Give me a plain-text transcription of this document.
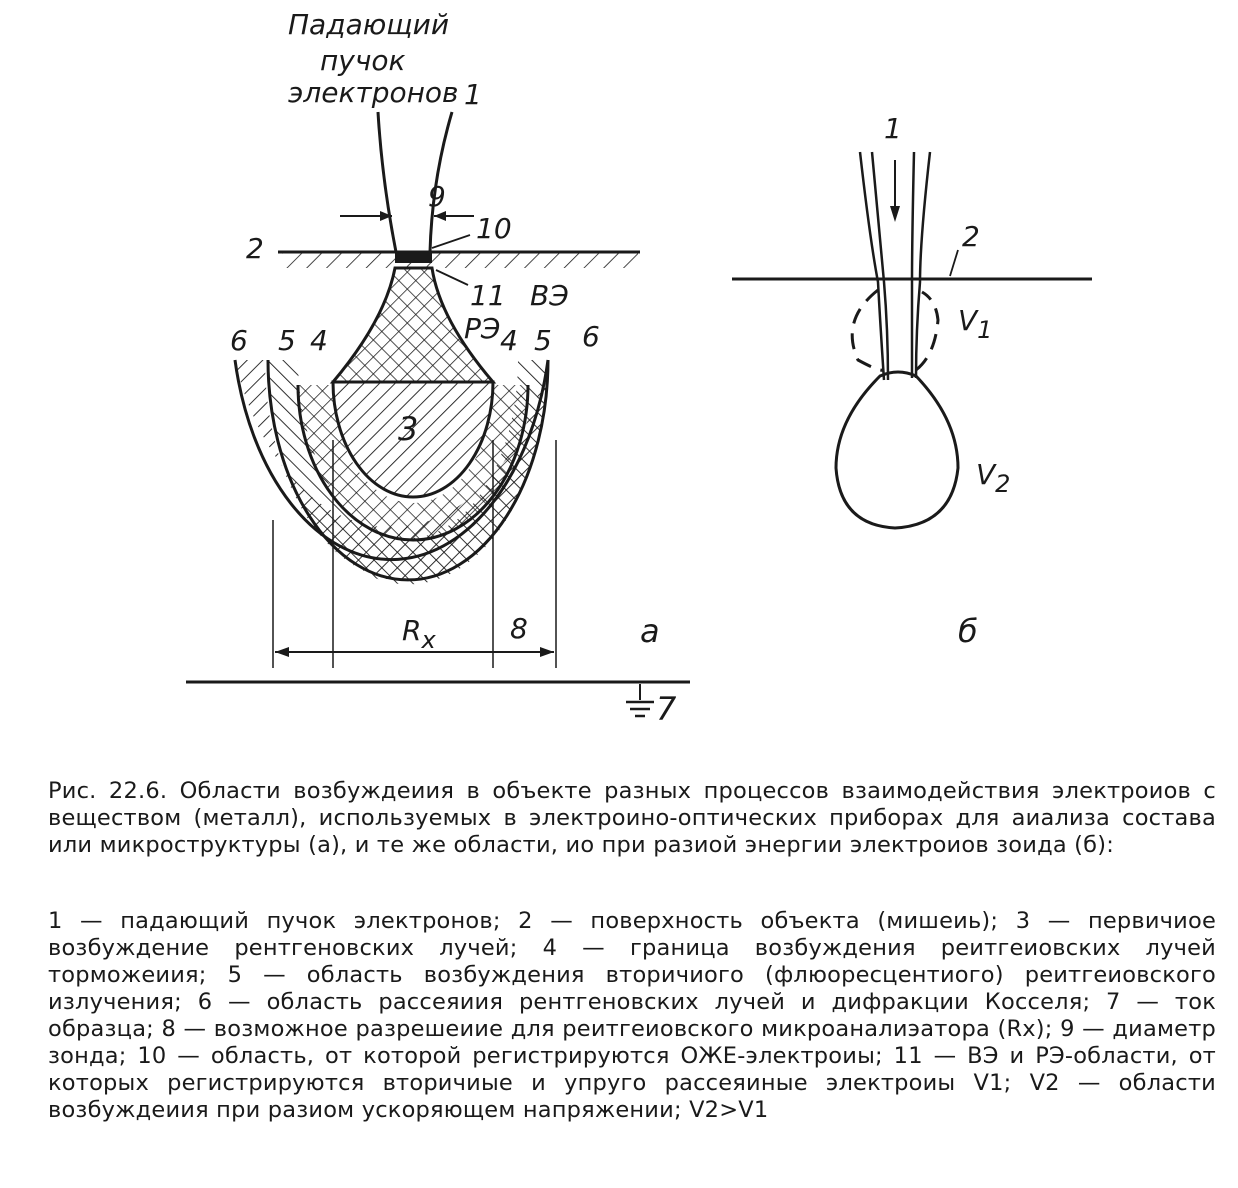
Падающий
пучок
электронов 1
9
10
2
11 ВЭ
РЭ
6 5 4	4 5 6
3
Rx	8	а
7
1
2
V1
V2
б
Рис. 22.6. Области возбуждеиия в объекте разных процессов взаимодействия электроиов с веществом (металл), используемых в электроино-оптических приборах для аиализа состава или микроструктуры (а), и те же области, ио при разиой энергии электроиов зоида (б):
1 — падающий пучок электронов; 2 — поверхность объекта (мишеиь); 3 — первичиое возбуждение рентгеновских лучей; 4 — граница возбуждения реитгеиовских лучей торможеиия; 5 — область возбуждения вторичиого (флюоресцентиого) реитгеиовского излучения; 6 — область рассеяиия рентгеновских лучей и дифракции Косселя; 7 — ток образца; 8 — возможное разрешеиие для реитгеиовского микроаналиэатора (Rx); 9 — диаметр зонда; 10 — область, от которой регистрируются ОЖЕ-электроиы; 11 — ВЭ и РЭ-области, от которых регистрируются вторичиые и упруго рассеяиные электроиы V1; V2 — области возбуждеиия при разиом ускоряющем напряжении; V2>V1
